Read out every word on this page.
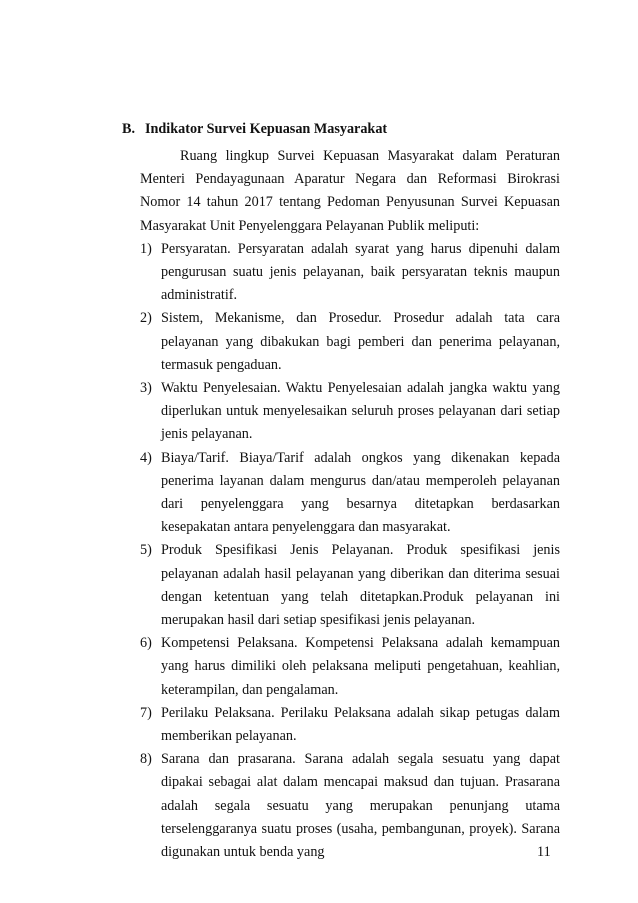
B. Indikator Survei Kepuasan Masyarakat

Ruang lingkup Survei Kepuasan Masyarakat dalam Peraturan Menteri Pendayagunaan Aparatur Negara dan Reformasi Birokrasi Nomor 14 tahun 2017 tentang Pedoman Penyusunan Survei Kepuasan Masyarakat Unit Penyelenggara Pelayanan Publik meliputi:

1) Persyaratan. Persyaratan adalah syarat yang harus dipenuhi dalam pengurusan suatu jenis pelayanan, baik persyaratan teknis maupun administratif.
2) Sistem, Mekanisme, dan Prosedur. Prosedur adalah tata cara pelayanan yang dibakukan bagi pemberi dan penerima pelayanan, termasuk pengaduan.
3) Waktu Penyelesaian. Waktu Penyelesaian adalah jangka waktu yang diperlukan untuk menyelesaikan seluruh proses pelayanan dari setiap jenis pelayanan.
4) Biaya/Tarif. Biaya/Tarif adalah ongkos yang dikenakan kepada penerima layanan dalam mengurus dan/atau memperoleh pelayanan dari penyelenggara yang besarnya ditetapkan berdasarkan kesepakatan antara penyelenggara dan masyarakat.
5) Produk Spesifikasi Jenis Pelayanan. Produk spesifikasi jenis pelayanan adalah hasil pelayanan yang diberikan dan diterima sesuai dengan ketentuan yang telah ditetapkan.Produk pelayanan ini merupakan hasil dari setiap spesifikasi jenis pelayanan.
6) Kompetensi Pelaksana. Kompetensi Pelaksana adalah kemampuan yang harus dimiliki oleh pelaksana meliputi pengetahuan, keahlian, keterampilan, dan pengalaman.
7) Perilaku Pelaksana. Perilaku Pelaksana adalah sikap petugas dalam memberikan pelayanan.
8) Sarana dan prasarana. Sarana adalah segala sesuatu yang dapat dipakai sebagai alat dalam mencapai maksud dan tujuan. Prasarana adalah segala sesuatu yang merupakan penunjang utama terselenggaranya suatu proses (usaha, pembangunan, proyek). Sarana digunakan untuk benda yang	11
